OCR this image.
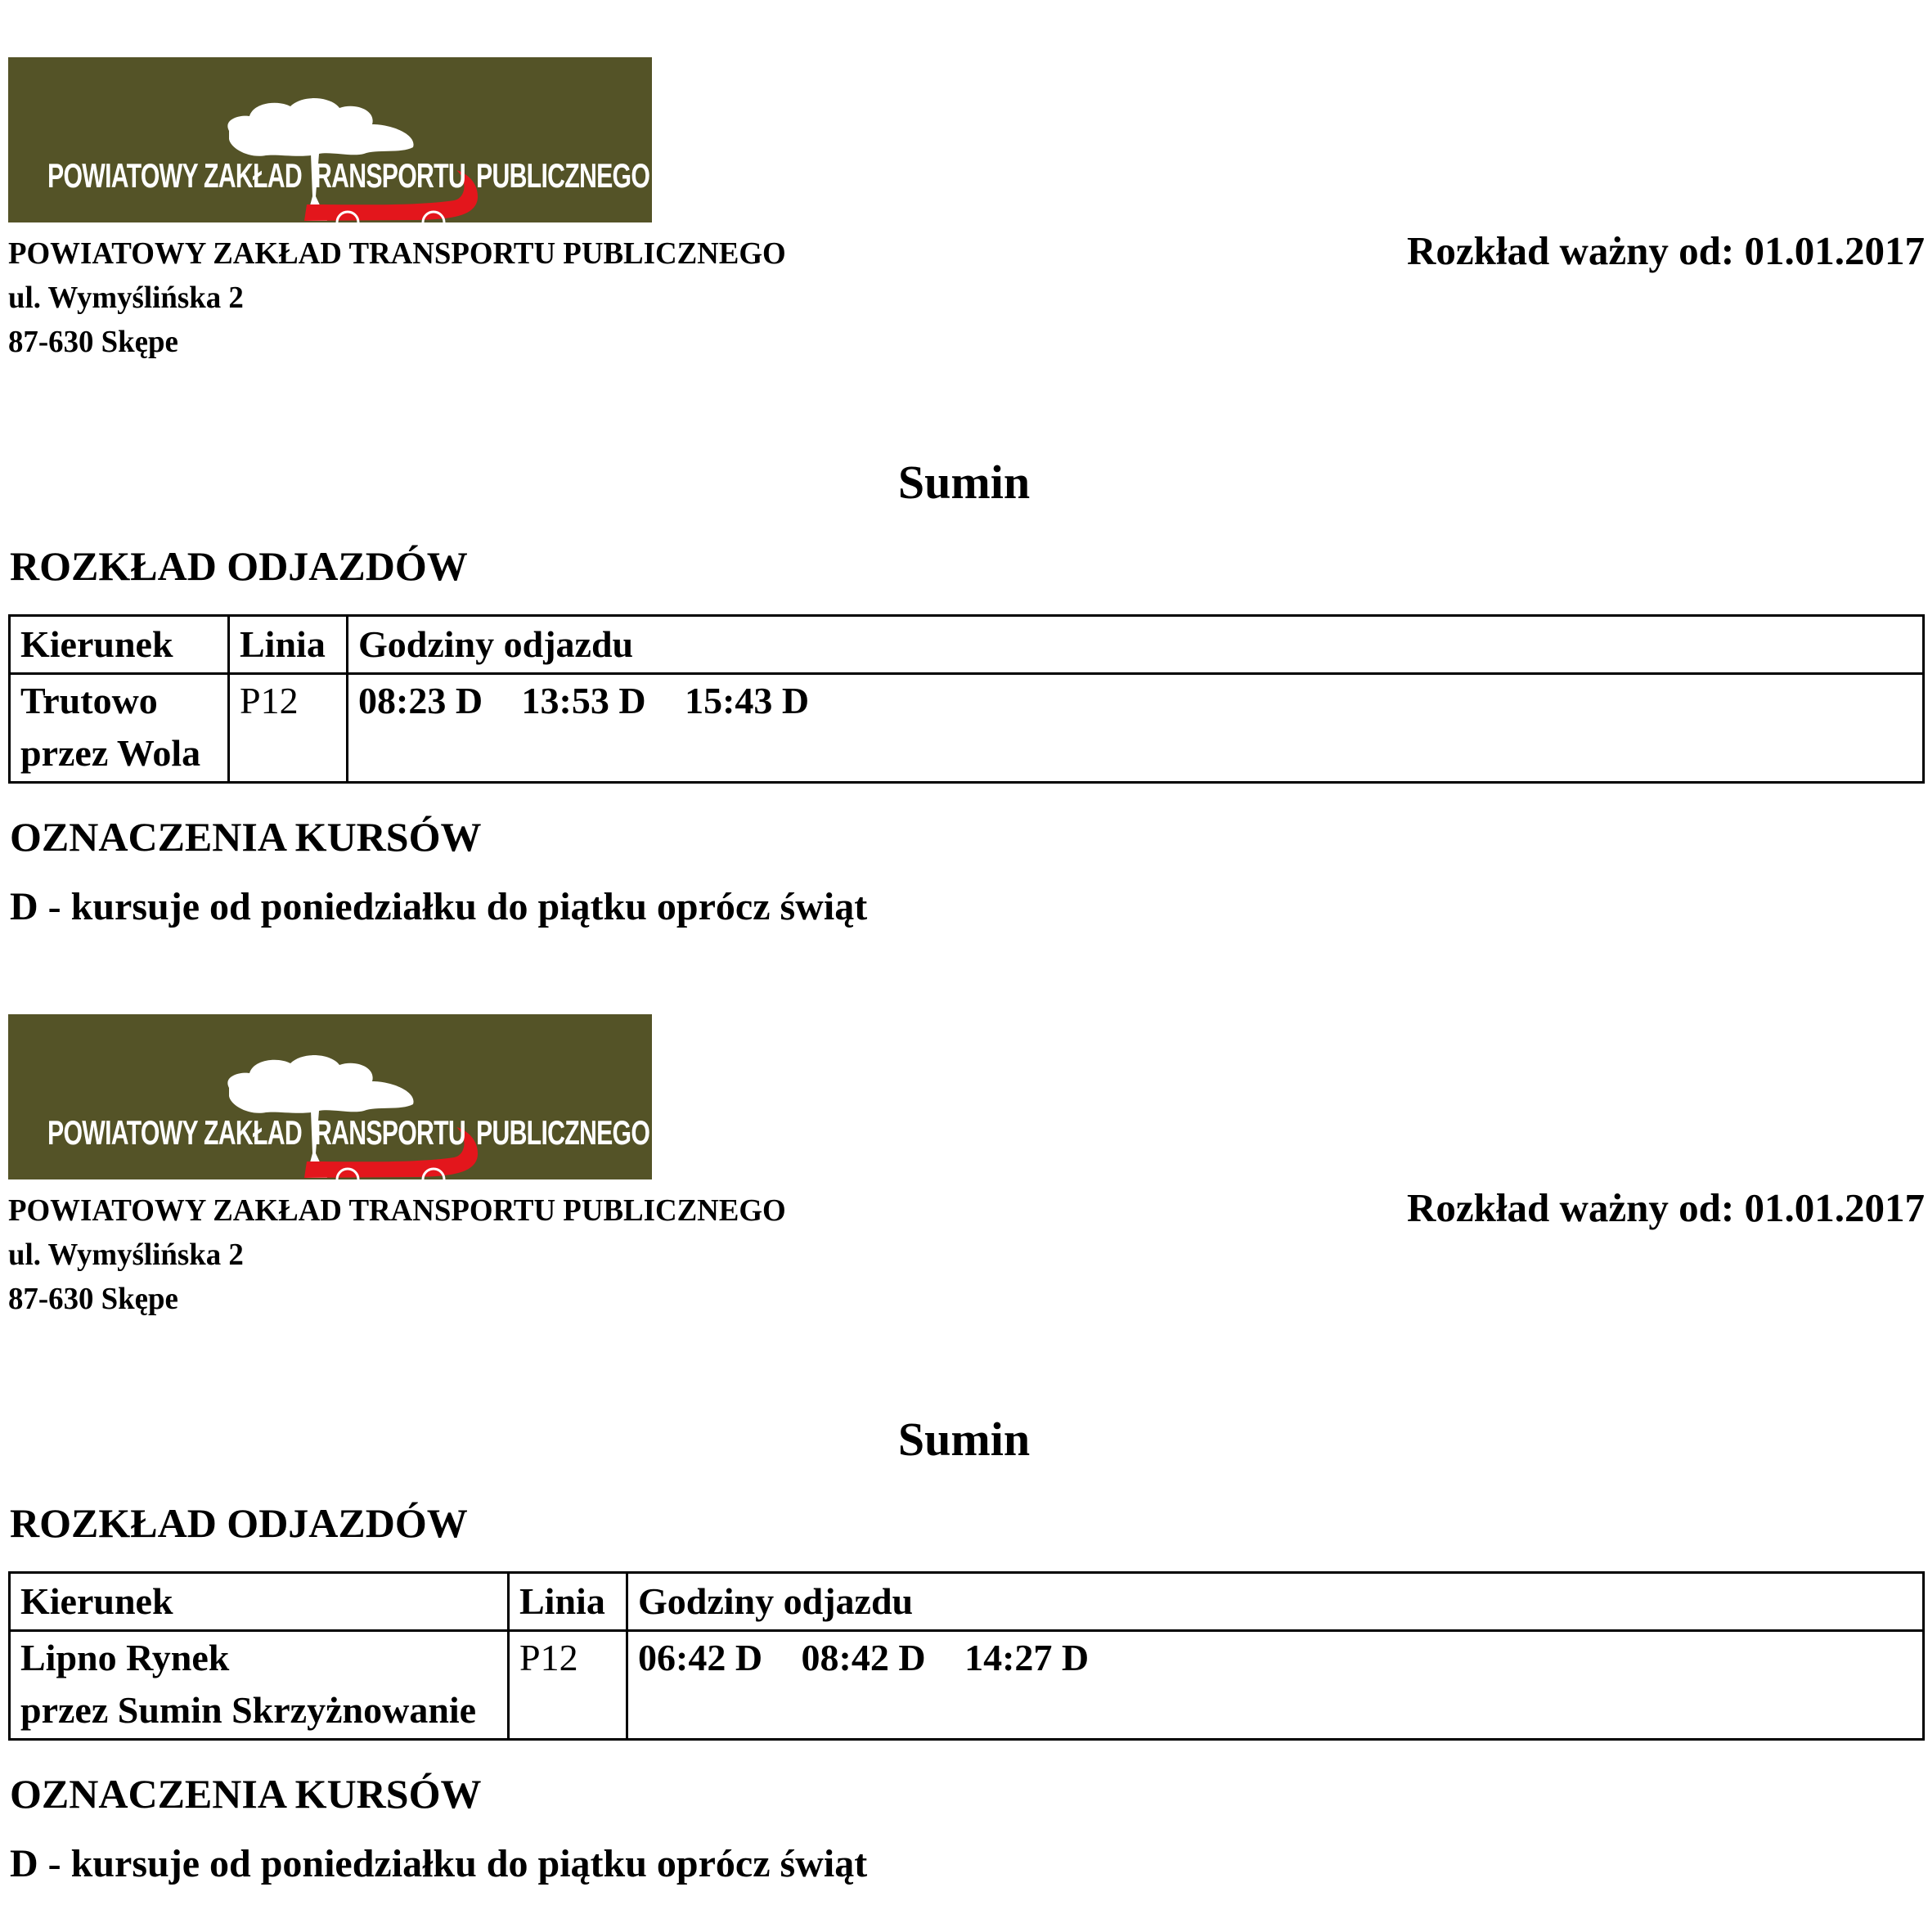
POWIATOWY ZAKŁAD RANSPORTU PUBLICZNEGO
POWIATOWY ZAKŁAD TRANSPORTU PUBLICZNEGO
ul. Wymyślińska 2
87-630 Skępe
Rozkład ważny od: 01.01.2017
Sumin
ROZKŁAD ODJAZDÓW
Kierunek	Linia	Godziny odjazdu

Trutowo
przez Wola	P12	08:23 D 13:53 D 15:43 D
OZNACZENIA KURSÓW
D - kursuje od poniedziałku do piątku oprócz świąt
POWIATOWY ZAKŁAD RANSPORTU PUBLICZNEGO
POWIATOWY ZAKŁAD TRANSPORTU PUBLICZNEGO
ul. Wymyślińska 2
87-630 Skępe
Rozkład ważny od: 01.01.2017
Sumin
ROZKŁAD ODJAZDÓW
Kierunek	Linia	Godziny odjazdu

Lipno Rynek
przez Sumin Skrzyżnowanie	P12	06:42 D 08:42 D 14:27 D
OZNACZENIA KURSÓW
D - kursuje od poniedziałku do piątku oprócz świąt
